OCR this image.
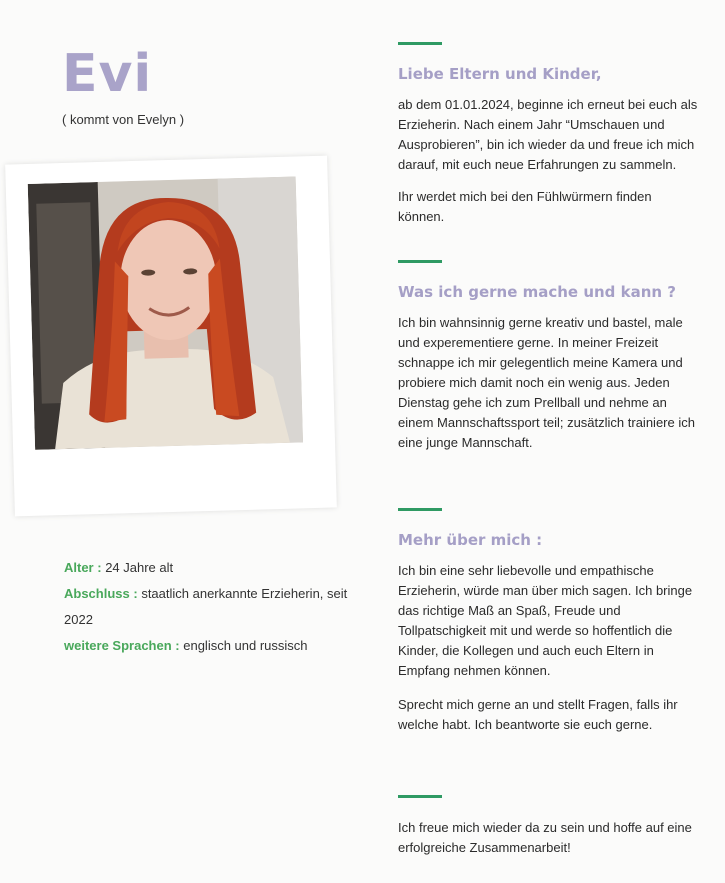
Evi
( kommt von Evelyn )
Alter : 24 Jahre alt
Abschluss : staatlich anerkannte Erzieherin, seit 2022
weitere Sprachen : englisch und russisch
Liebe Eltern und Kinder,

ab dem 01.01.2024, beginne ich erneut bei euch als Erzieherin. Nach einem Jahr “Umschauen und Ausprobieren”, bin ich wieder da und freue ich mich darauf, mit euch neue Erfahrungen zu sammeln.

Ihr werdet mich bei den Fühlwürmern finden können.

Was ich gerne mache und kann ?

Ich bin wahnsinnig gerne kreativ und bastel, male und experementiere gerne. In meiner Freizeit schnappe ich mir gelegentlich meine Kamera und probiere mich damit noch ein wenig aus. Jeden Dienstag gehe ich zum Prellball und nehme an einem Mannschaftssport teil; zusätzlich trainiere ich eine junge Mannschaft.

Mehr über mich :

Ich bin eine sehr liebevolle und empathische Erzieherin, würde man über mich sagen. Ich bringe das richtige Maß an Spaß, Freude und Tollpatschigkeit mit und werde so hoffentlich die Kinder, die Kollegen und auch euch Eltern in Empfang nehmen können.

Sprecht mich gerne an und stellt Fragen, falls ihr welche habt. Ich beantworte sie euch gerne.

Ich freue mich wieder da zu sein und hoffe auf eine erfolgreiche Zusammenarbeit!
